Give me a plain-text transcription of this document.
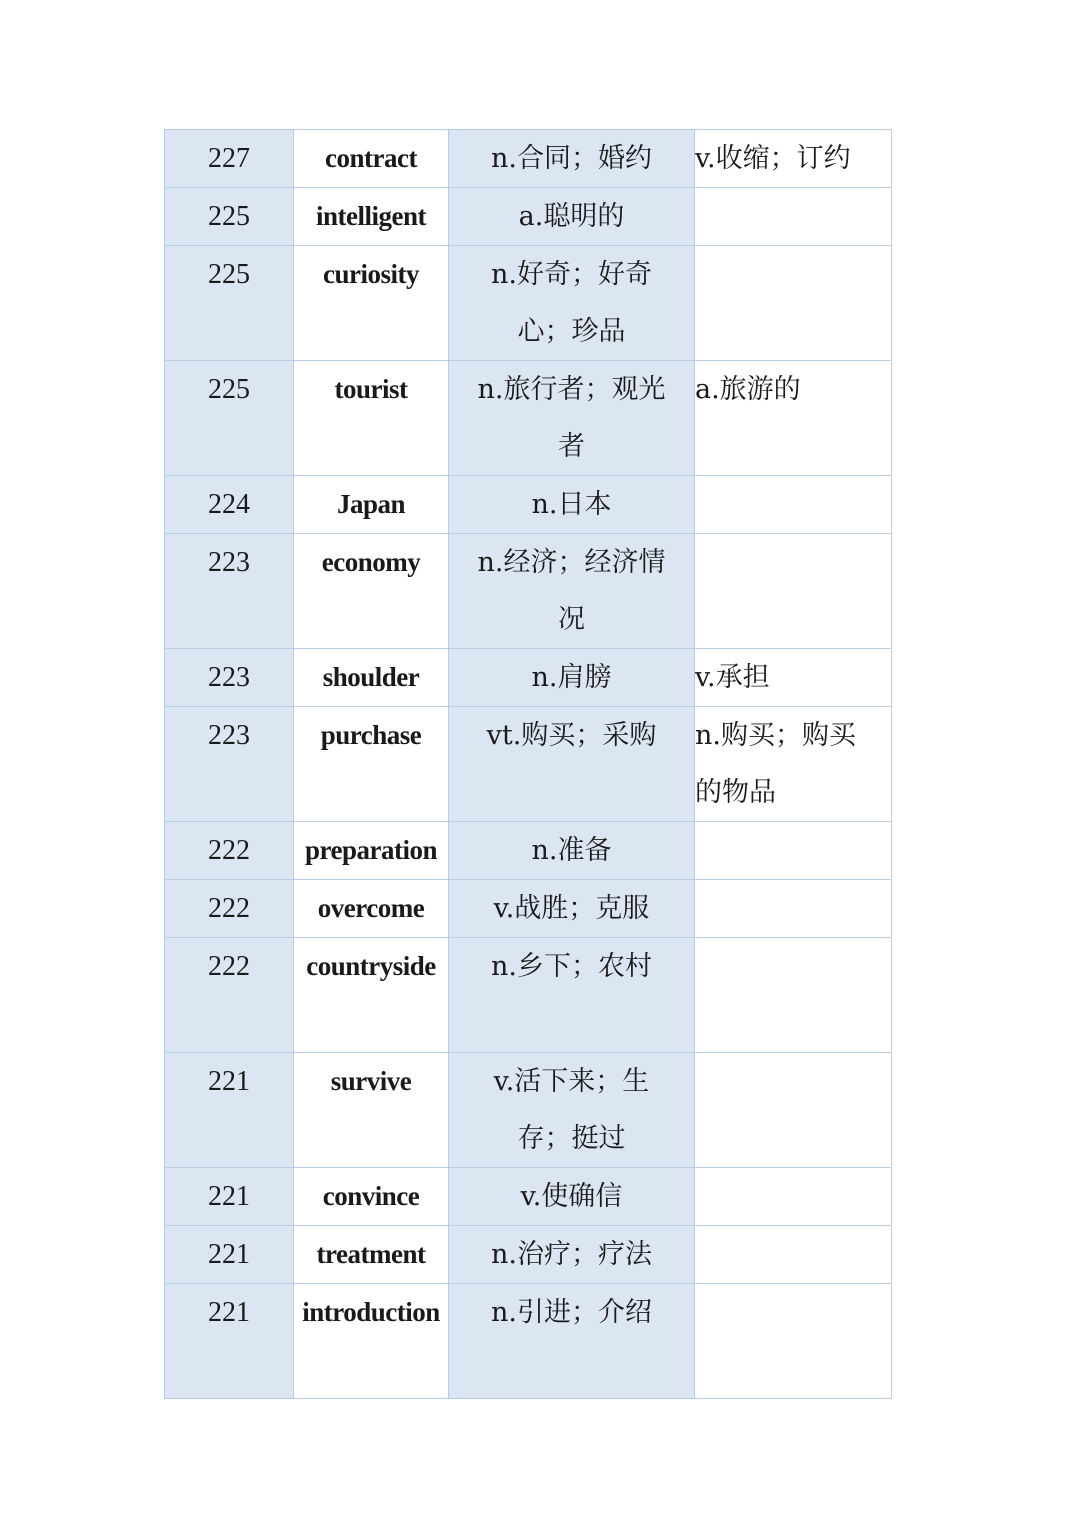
227	contract	n.合同；婚约	v.收缩；订约

225	intelligent	a.聪明的	

225	curiosity	n.好奇；好奇心；珍品	

225	tourist	n.旅行者；观光者	a.旅游的

224	Japan	n.日本	

223	economy	n.经济；经济情况	

223	shoulder	n.肩膀	v.承担

223	purchase	vt.购买；采购	n.购买；购买的物品

222	preparation	n.准备	

222	overcome	v.战胜；克服	

222	countryside	n.乡下；农村	

221	survive	v.活下来；生存；挺过	

221	convince	v.使确信	

221	treatment	n.治疗；疗法	

221	introduction	n.引进；介绍	
